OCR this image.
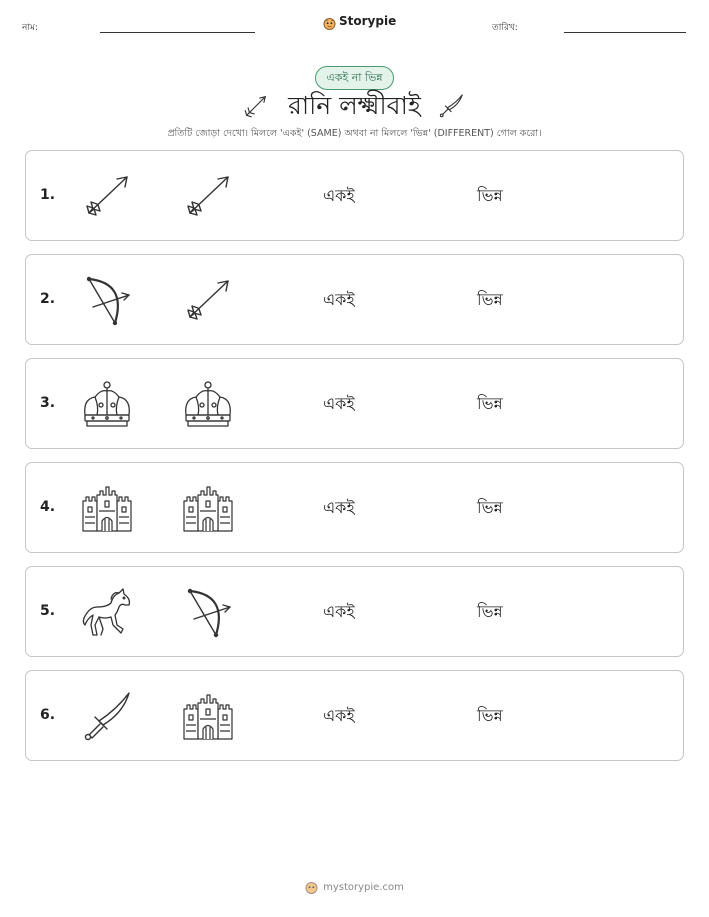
নাম:	Storypie	তারিখ:
একই না ভিন্ন
রানি লক্ষ্মীবাই
প্রতিটি জোড়া দেখো। মিললে 'একই' (SAME) অথবা না মিললে 'ভিন্ন' (DIFFERENT) গোল করো।
1.	একই	ভিন্ন
2.	একই	ভিন্ন
3.	একই	ভিন্ন
4.	একই	ভিন্ন
5.	একই	ভিন্ন
6.	একই	ভিন্ন
mystorypie.com
